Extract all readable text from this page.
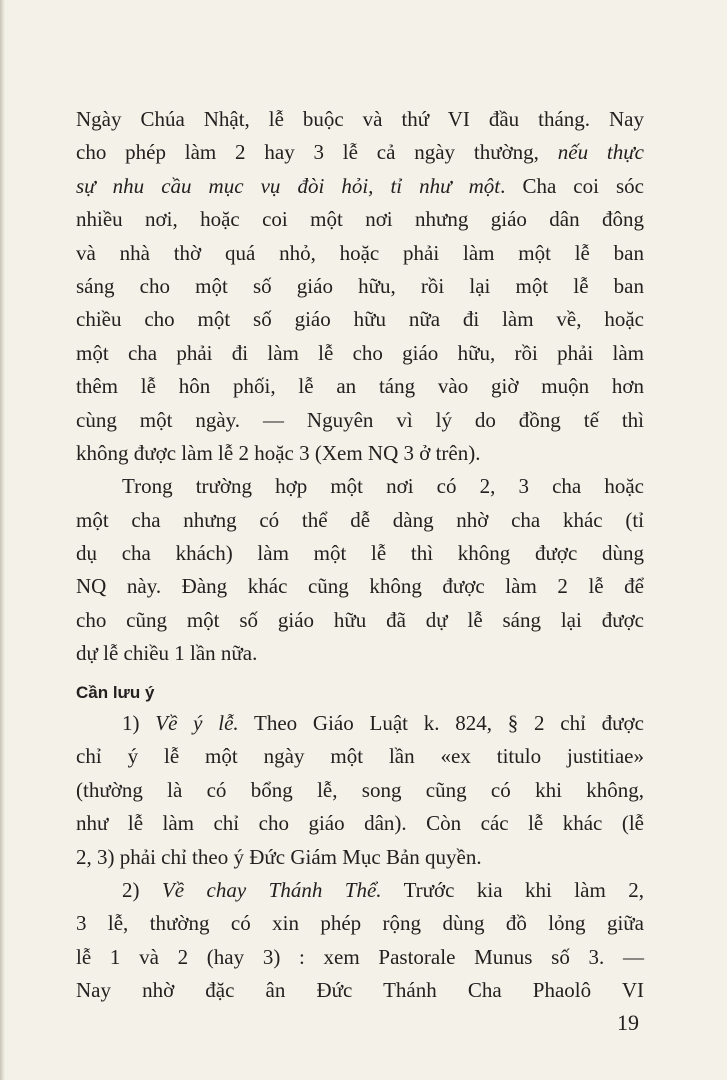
Ngày Chúa Nhật, lễ buộc và thứ VI đầu tháng. Nay
cho phép làm 2 hay 3 lễ cả ngày thường, nếu thực
sự nhu cầu mục vụ đòi hỏi, tỉ như một. Cha coi sóc
nhiều nơi, hoặc coi một nơi nhưng giáo dân đông
và nhà thờ quá nhỏ, hoặc phải làm một lễ ban
sáng cho một số giáo hữu, rồi lại một lễ ban
chiều cho một số giáo hữu nữa đi làm về, hoặc
một cha phải đi làm lễ cho giáo hữu, rồi phải làm
thêm lễ hôn phối, lễ an táng vào giờ muộn hơn
cùng một ngày. — Nguyên vì lý do đồng tế thì
không được làm lễ 2 hoặc 3 (Xem NQ 3 ở trên).
Trong trường hợp một nơi có 2, 3 cha hoặc
một cha nhưng có thể dễ dàng nhờ cha khác (tỉ
dụ cha khách) làm một lễ thì không được dùng
NQ này. Đàng khác cũng không được làm 2 lễ để
cho cũng một số giáo hữu đã dự lễ sáng lại được
dự lễ chiều 1 lần nữa.
Cần lưu ý
1) Về ý lễ. Theo Giáo Luật k. 824, § 2 chỉ được
chỉ ý lễ một ngày một lần «ex titulo justitiae»
(thường là có bổng lễ, song cũng có khi không,
như lễ làm chỉ cho giáo dân). Còn các lễ khác (lễ
2, 3) phải chỉ theo ý Đức Giám Mục Bản quyền.
2) Về chay Thánh Thể. Trước kia khi làm 2,
3 lễ, thường có xin phép rộng dùng đồ lỏng giữa
lễ 1 và 2 (hay 3) : xem Pastorale Munus số 3. —
Nay nhờ đặc ân Đức Thánh Cha Phaolô VI
19
